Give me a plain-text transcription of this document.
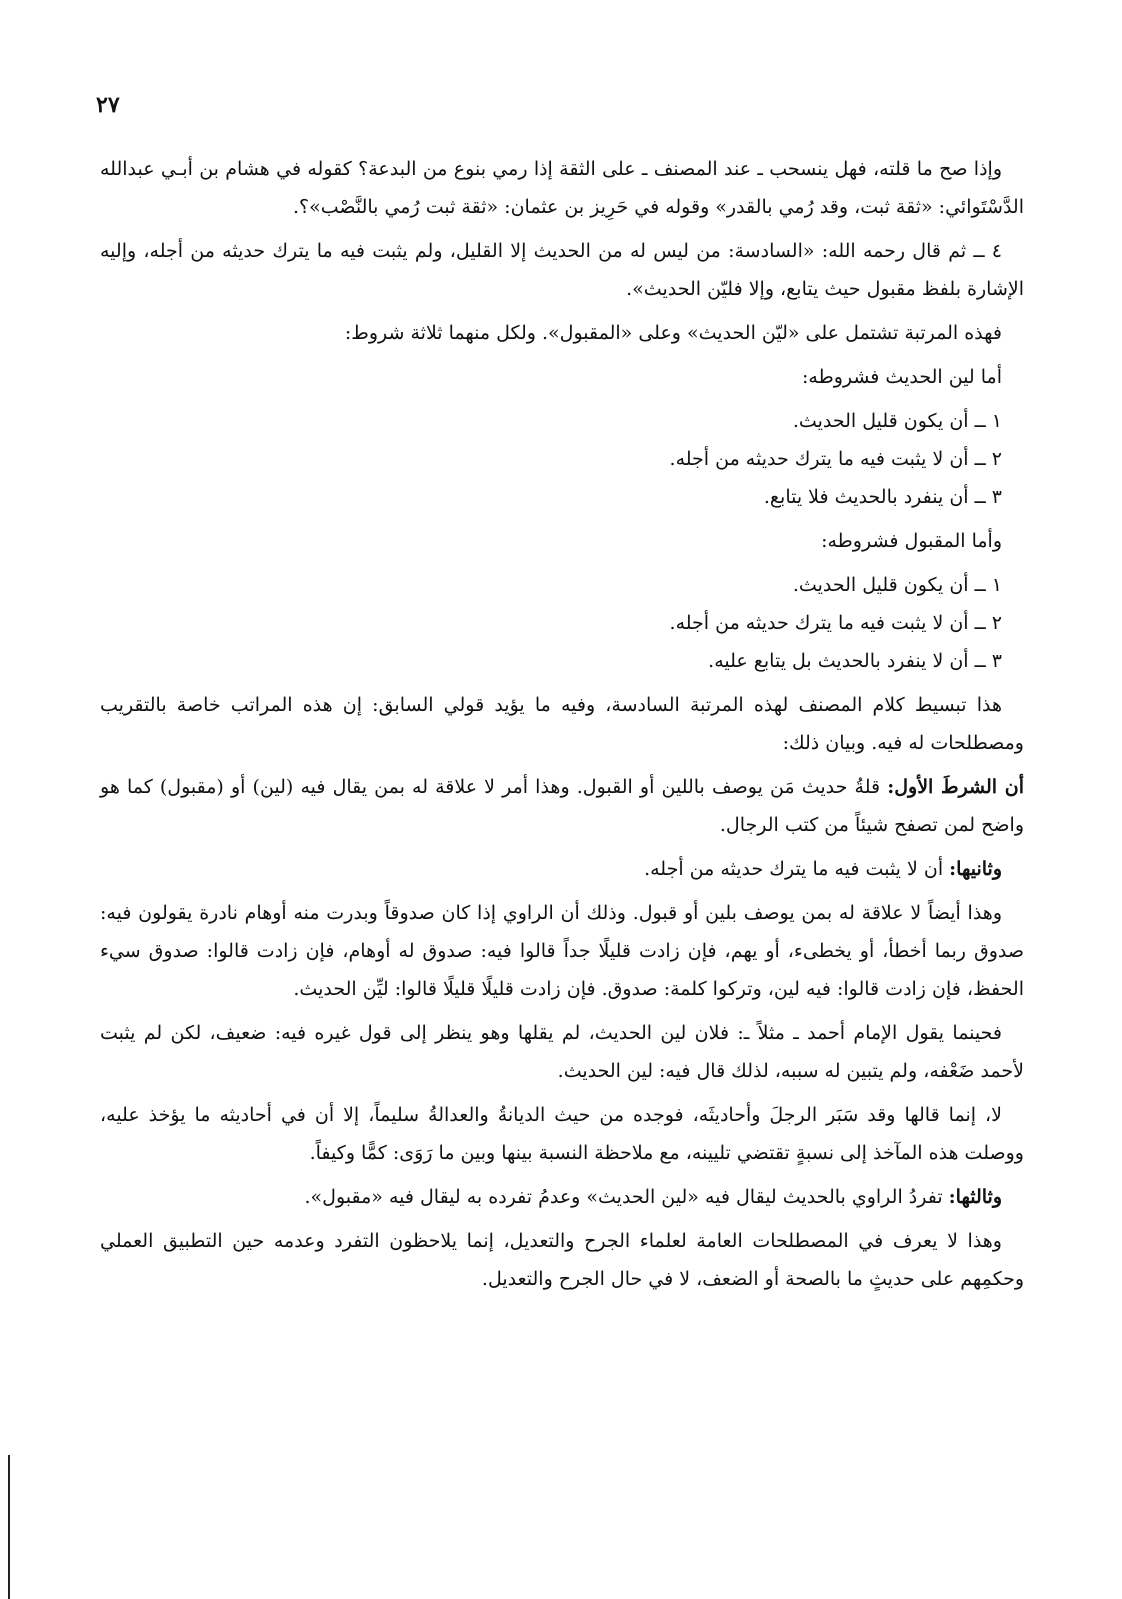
٢٧

وإذا صح ما قلته، فهل ينسحب ـ عند المصنف ـ على الثقة إذا رمي بنوع من البدعة؟ كقوله في هشام بن أبـي عبدالله الدَّسْتَوائي: «ثقة ثبت، وقد رُمي بالقدر» وقوله في حَرِيز بن عثمان: «ثقة ثبت رُمي بالنَّصْب»؟.

٤ ــ ثم قال رحمه الله: «السادسة: من ليس له من الحديث إلا القليل، ولم يثبت فيه ما يترك حديثه من أجله، وإليه الإشارة بلفظ مقبول حيث يتابع، وإلا فليّن الحديث».

فهذه المرتبة تشتمل على «ليّن الحديث» وعلى «المقبول». ولكل منهما ثلاثة شروط:

أما لين الحديث فشروطه:

١ ــ أن يكون قليل الحديث.
٢ ــ أن لا يثبت فيه ما يترك حديثه من أجله.
٣ ــ أن ينفرد بالحديث فلا يتابع.

وأما المقبول فشروطه:

١ ــ أن يكون قليل الحديث.
٢ ــ أن لا يثبت فيه ما يترك حديثه من أجله.
٣ ــ أن لا ينفرد بالحديث بل يتابع عليه.

هذا تبسيط كلام المصنف لهذه المرتبة السادسة، وفيه ما يؤيد قولي السابق: إن هذه المراتب خاصة بالتقريب ومصطلحات له فيه. وبيان ذلك:

أن الشرطَ الأول: قلةُ حديث مَن يوصف باللين أو القبول. وهذا أمر لا علاقة له بمن يقال فيه (لين) أو (مقبول) كما هو واضح لمن تصفح شيئاً من كتب الرجال.

وثانيها: أن لا يثبت فيه ما يترك حديثه من أجله.

وهذا أيضاً لا علاقة له بمن يوصف بلين أو قبول. وذلك أن الراوي إذا كان صدوقاً وبدرت منه أوهام نادرة يقولون فيه: صدوق ربما أخطأ، أو يخطىء، أو يهم، فإن زادت قليلًا جداً قالوا فيه: صدوق له أوهام، فإن زادت قالوا: صدوق سيء الحفظ، فإن زادت قالوا: فيه لين، وتركوا كلمة: صدوق. فإن زادت قليلًا قليلًا قالوا: ليِّن الحديث.

فحينما يقول الإمام أحمد ـ مثلاً ـ: فلان لين الحديث، لم يقلها وهو ينظر إلى قول غيره فيه: ضعيف، لكن لم يثبت لأحمد ضَعْفه، ولم يتبين له سببه، لذلك قال فيه: لين الحديث.

لا، إنما قالها وقد سَبَر الرجلَ وأحاديثَه، فوجده من حيث الديانةُ والعدالةُ سليماً، إلا أن في أحاديثه ما يؤخذ عليه، ووصلت هذه المآخذ إلى نسبةٍ تقتضي تليينه، مع ملاحظة النسبة بينها وبين ما رَوَى: كمًّا وكيفاً.

وثالثها: تفردُ الراوي بالحديث ليقال فيه «لين الحديث» وعدمُ تفرده به ليقال فيه «مقبول».

وهذا لا يعرف في المصطلحات العامة لعلماء الجرح والتعديل، إنما يلاحظون التفرد وعدمه حين التطبيق العملي وحكمِهم على حديثٍ ما بالصحة أو الضعف، لا في حال الجرح والتعديل.
